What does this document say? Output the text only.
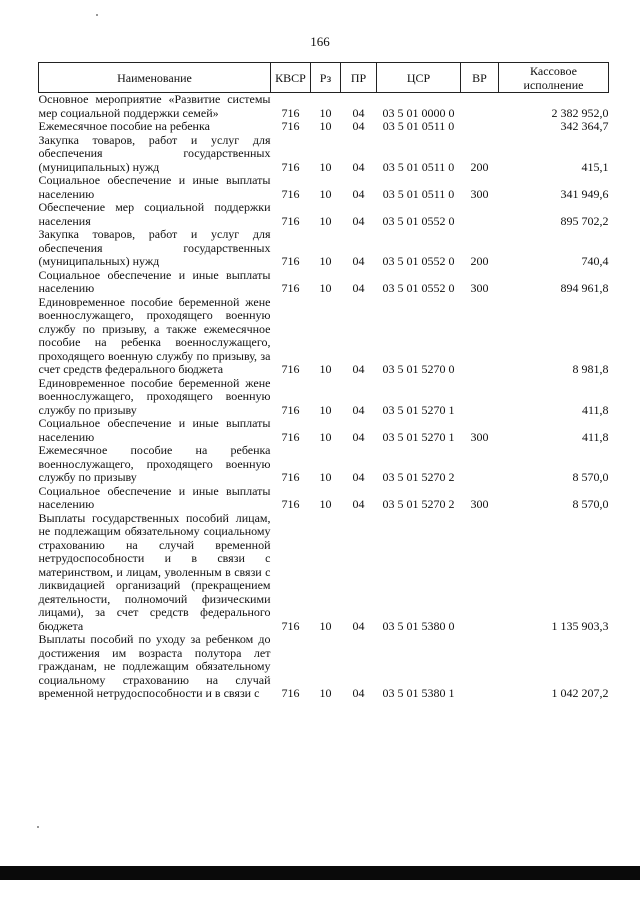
166
Наименование	КВСР	Рз	ПР	ЦСР	ВР	Кассовое исполнение
Основное мероприятие «Развитие системы мер социальной поддержки семей»	716	10	04	03 5 01 0000 0		2 382 952,0
Ежемесячное пособие на ребенка	716	10	04	03 5 01 0511 0		342 364,7
Закупка товаров, работ и услуг для обеспечения государственных (муниципальных) нужд	716	10	04	03 5 01 0511 0	200	415,1
Социальное обеспечение и иные выплаты населению	716	10	04	03 5 01 0511 0	300	341 949,6
Обеспечение мер социальной поддержки населения	716	10	04	03 5 01 0552 0		895 702,2
Закупка товаров, работ и услуг для обеспечения государственных (муниципальных) нужд	716	10	04	03 5 01 0552 0	200	740,4
Социальное обеспечение и иные выплаты населению	716	10	04	03 5 01 0552 0	300	894 961,8
Единовременное пособие беременной жене военнослужащего, проходящего военную службу по призыву, а также ежемесячное пособие на ребенка военнослужащего, проходящего военную службу по призыву, за счет средств федерального бюджета	716	10	04	03 5 01 5270 0		8 981,8
Единовременное пособие беременной жене военнослужащего, проходящего военную службу по призыву	716	10	04	03 5 01 5270 1		411,8
Социальное обеспечение и иные выплаты населению	716	10	04	03 5 01 5270 1	300	411,8
Ежемесячное пособие на ребенка военнослужащего, проходящего военную службу по призыву	716	10	04	03 5 01 5270 2		8 570,0
Социальное обеспечение и иные выплаты населению	716	10	04	03 5 01 5270 2	300	8 570,0
Выплаты государственных пособий лицам, не подлежащим обязательному социальному страхованию на случай временной нетрудоспособности и в связи с материнством, и лицам, уволенным в связи с ликвидацией организаций (прекращением деятельности, полномочий физическими лицами), за счет средств федерального бюджета	716	10	04	03 5 01 5380 0		1 135 903,3
Выплаты пособий по уходу за ребенком до достижения им возраста полутора лет гражданам, не подлежащим обязательному социальному страхованию на случай временной нетрудоспособности и в связи с	716	10	04	03 5 01 5380 1		1 042 207,2
